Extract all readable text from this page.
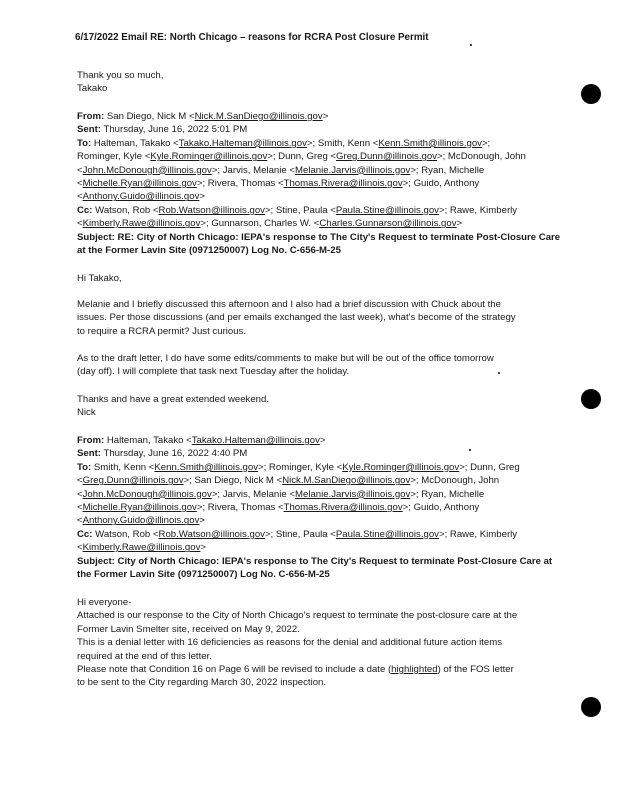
6/17/2022 Email RE: North Chicago – reasons for RCRA Post Closure Permit
Thank you so much,
Takako
From: San Diego, Nick M <Nick.M.SanDiego@illinois.gov>
Sent: Thursday, June 16, 2022 5:01 PM
To: Halteman, Takako <Takako.Halteman@illinois.gov>; Smith, Kenn <Kenn.Smith@illinois.gov>;
Rominger, Kyle <Kyle.Rominger@illinois.gov>; Dunn, Greg <Greg.Dunn@illinois.gov>; McDonough, John
<John.McDonough@illinois.gov>; Jarvis, Melanie <Melanie.Jarvis@illinois.gov>; Ryan, Michelle
<Michelle.Ryan@illinois.gov>; Rivera, Thomas <Thomas.Rivera@illinois.gov>; Guido, Anthony
<Anthony.Guido@illinois.gov>
Cc: Watson, Rob <Rob.Watson@illinois.gov>; Stine, Paula <Paula.Stine@illinois.gov>; Rawe, Kimberly
<Kimberly.Rawe@illinois.gov>; Gunnarson, Charles W. <Charles.Gunnarson@illinois.gov>
Subject: RE: City of North Chicago: IEPA's response to The City's Request to terminate Post-Closure Care
at the Former Lavin Site (0971250007) Log No. C-656-M-25
Hi Takako,
Melanie and I briefly discussed this afternoon and I also had a brief discussion with Chuck about the
issues. Per those discussions (and per emails exchanged the last week), what's become of the strategy
to require a RCRA permit? Just curious.
As to the draft letter, I do have some edits/comments to make but will be out of the office tomorrow
(day off). I will complete that task next Tuesday after the holiday.
Thanks and have a great extended weekend.
Nick
From: Halteman, Takako <Takako.Halteman@illinois.gov>
Sent: Thursday, June 16, 2022 4:40 PM
To: Smith, Kenn <Kenn.Smith@illinois.gov>; Rominger, Kyle <Kyle.Rominger@illinois.gov>; Dunn, Greg
<Greg.Dunn@illinois.gov>; San Diego, Nick M <Nick.M.SanDiego@illinois.gov>; McDonough, John
<John.McDonough@illinois.gov>; Jarvis, Melanie <Melanie.Jarvis@illinois.gov>; Ryan, Michelle
<Michelle.Ryan@illinois.gov>; Rivera, Thomas <Thomas.Rivera@illinois.gov>; Guido, Anthony
<Anthony.Guido@illinois.gov>
Cc: Watson, Rob <Rob.Watson@illinois.gov>; Stine, Paula <Paula.Stine@illinois.gov>; Rawe, Kimberly
<Kimberly.Rawe@illinois.gov>
Subject: City of North Chicago: IEPA's response to The City's Request to terminate Post-Closure Care at
the Former Lavin Site (0971250007) Log No. C-656-M-25
Hi everyone-
Attached is our response to the City of North Chicago's request to terminate the post-closure care at the
Former Lavin Smelter site, received on May 9, 2022.
This is a denial letter with 16 deficiencies as reasons for the denial and additional future action items
required at the end of this letter.
Please note that Condition 16 on Page 6 will be revised to include a date (highlighted) of the FOS letter
to be sent to the City regarding March 30, 2022 inspection.
